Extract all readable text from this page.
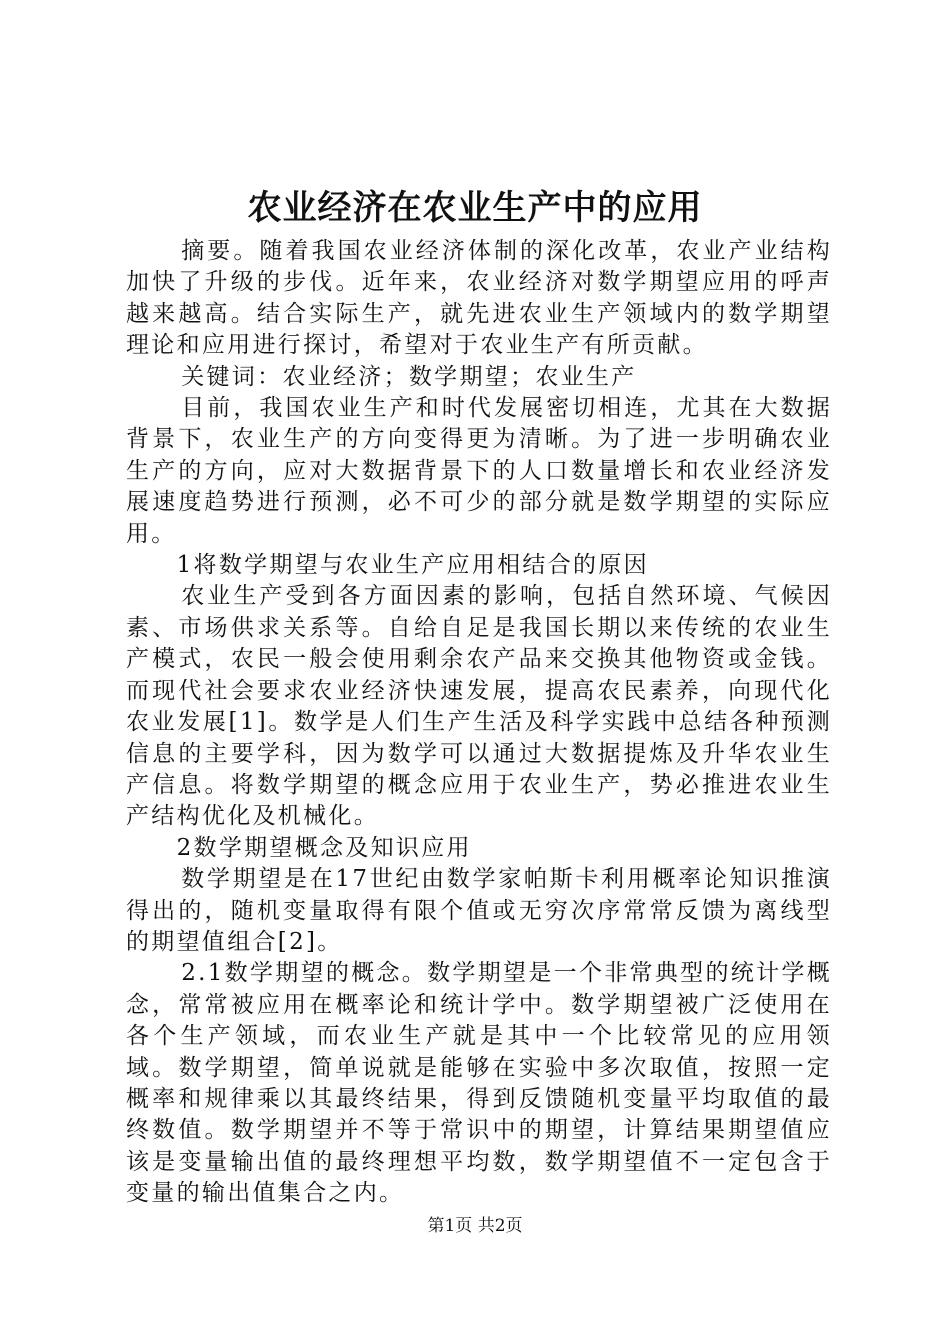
农业经济在农业生产中的应用

摘要。随着我国农业经济体制的深化改革，农业产业结构加快了升级的步伐。近年来，农业经济对数学期望应用的呼声越来越高。结合实际生产，就先进农业生产领域内的数学期望理论和应用进行探讨，希望对于农业生产有所贡献。

关键词：农业经济；数学期望；农业生产

目前，我国农业生产和时代发展密切相连，尤其在大数据背景下，农业生产的方向变得更为清晰。为了进一步明确农业生产的方向，应对大数据背景下的人口数量增长和农业经济发展速度趋势进行预测，必不可少的部分就是数学期望的实际应用。

1将数学期望与农业生产应用相结合的原因

农业生产受到各方面因素的影响，包括自然环境、气候因素、市场供求关系等。自给自足是我国长期以来传统的农业生产模式，农民一般会使用剩余农产品来交换其他物资或金钱。而现代社会要求农业经济快速发展，提高农民素养，向现代化农业发展[1]。数学是人们生产生活及科学实践中总结各种预测信息的主要学科，因为数学可以通过大数据提炼及升华农业生产信息。将数学期望的概念应用于农业生产，势必推进农业生产结构优化及机械化。

2数学期望概念及知识应用

数学期望是在17世纪由数学家帕斯卡利用概率论知识推演得出的，随机变量取得有限个值或无穷次序常常反馈为离线型的期望值组合[2]。

2.1数学期望的概念。数学期望是一个非常典型的统计学概念，常常被应用在概率论和统计学中。数学期望被广泛使用在各个生产领域，而农业生产就是其中一个比较常见的应用领域。数学期望，简单说就是能够在实验中多次取值，按照一定概率和规律乘以其最终结果，得到反馈随机变量平均取值的最终数值。数学期望并不等于常识中的期望，计算结果期望值应该是变量输出值的最终理想平均数，数学期望值不一定包含于变量的输出值集合之内。

第1页 共2页
